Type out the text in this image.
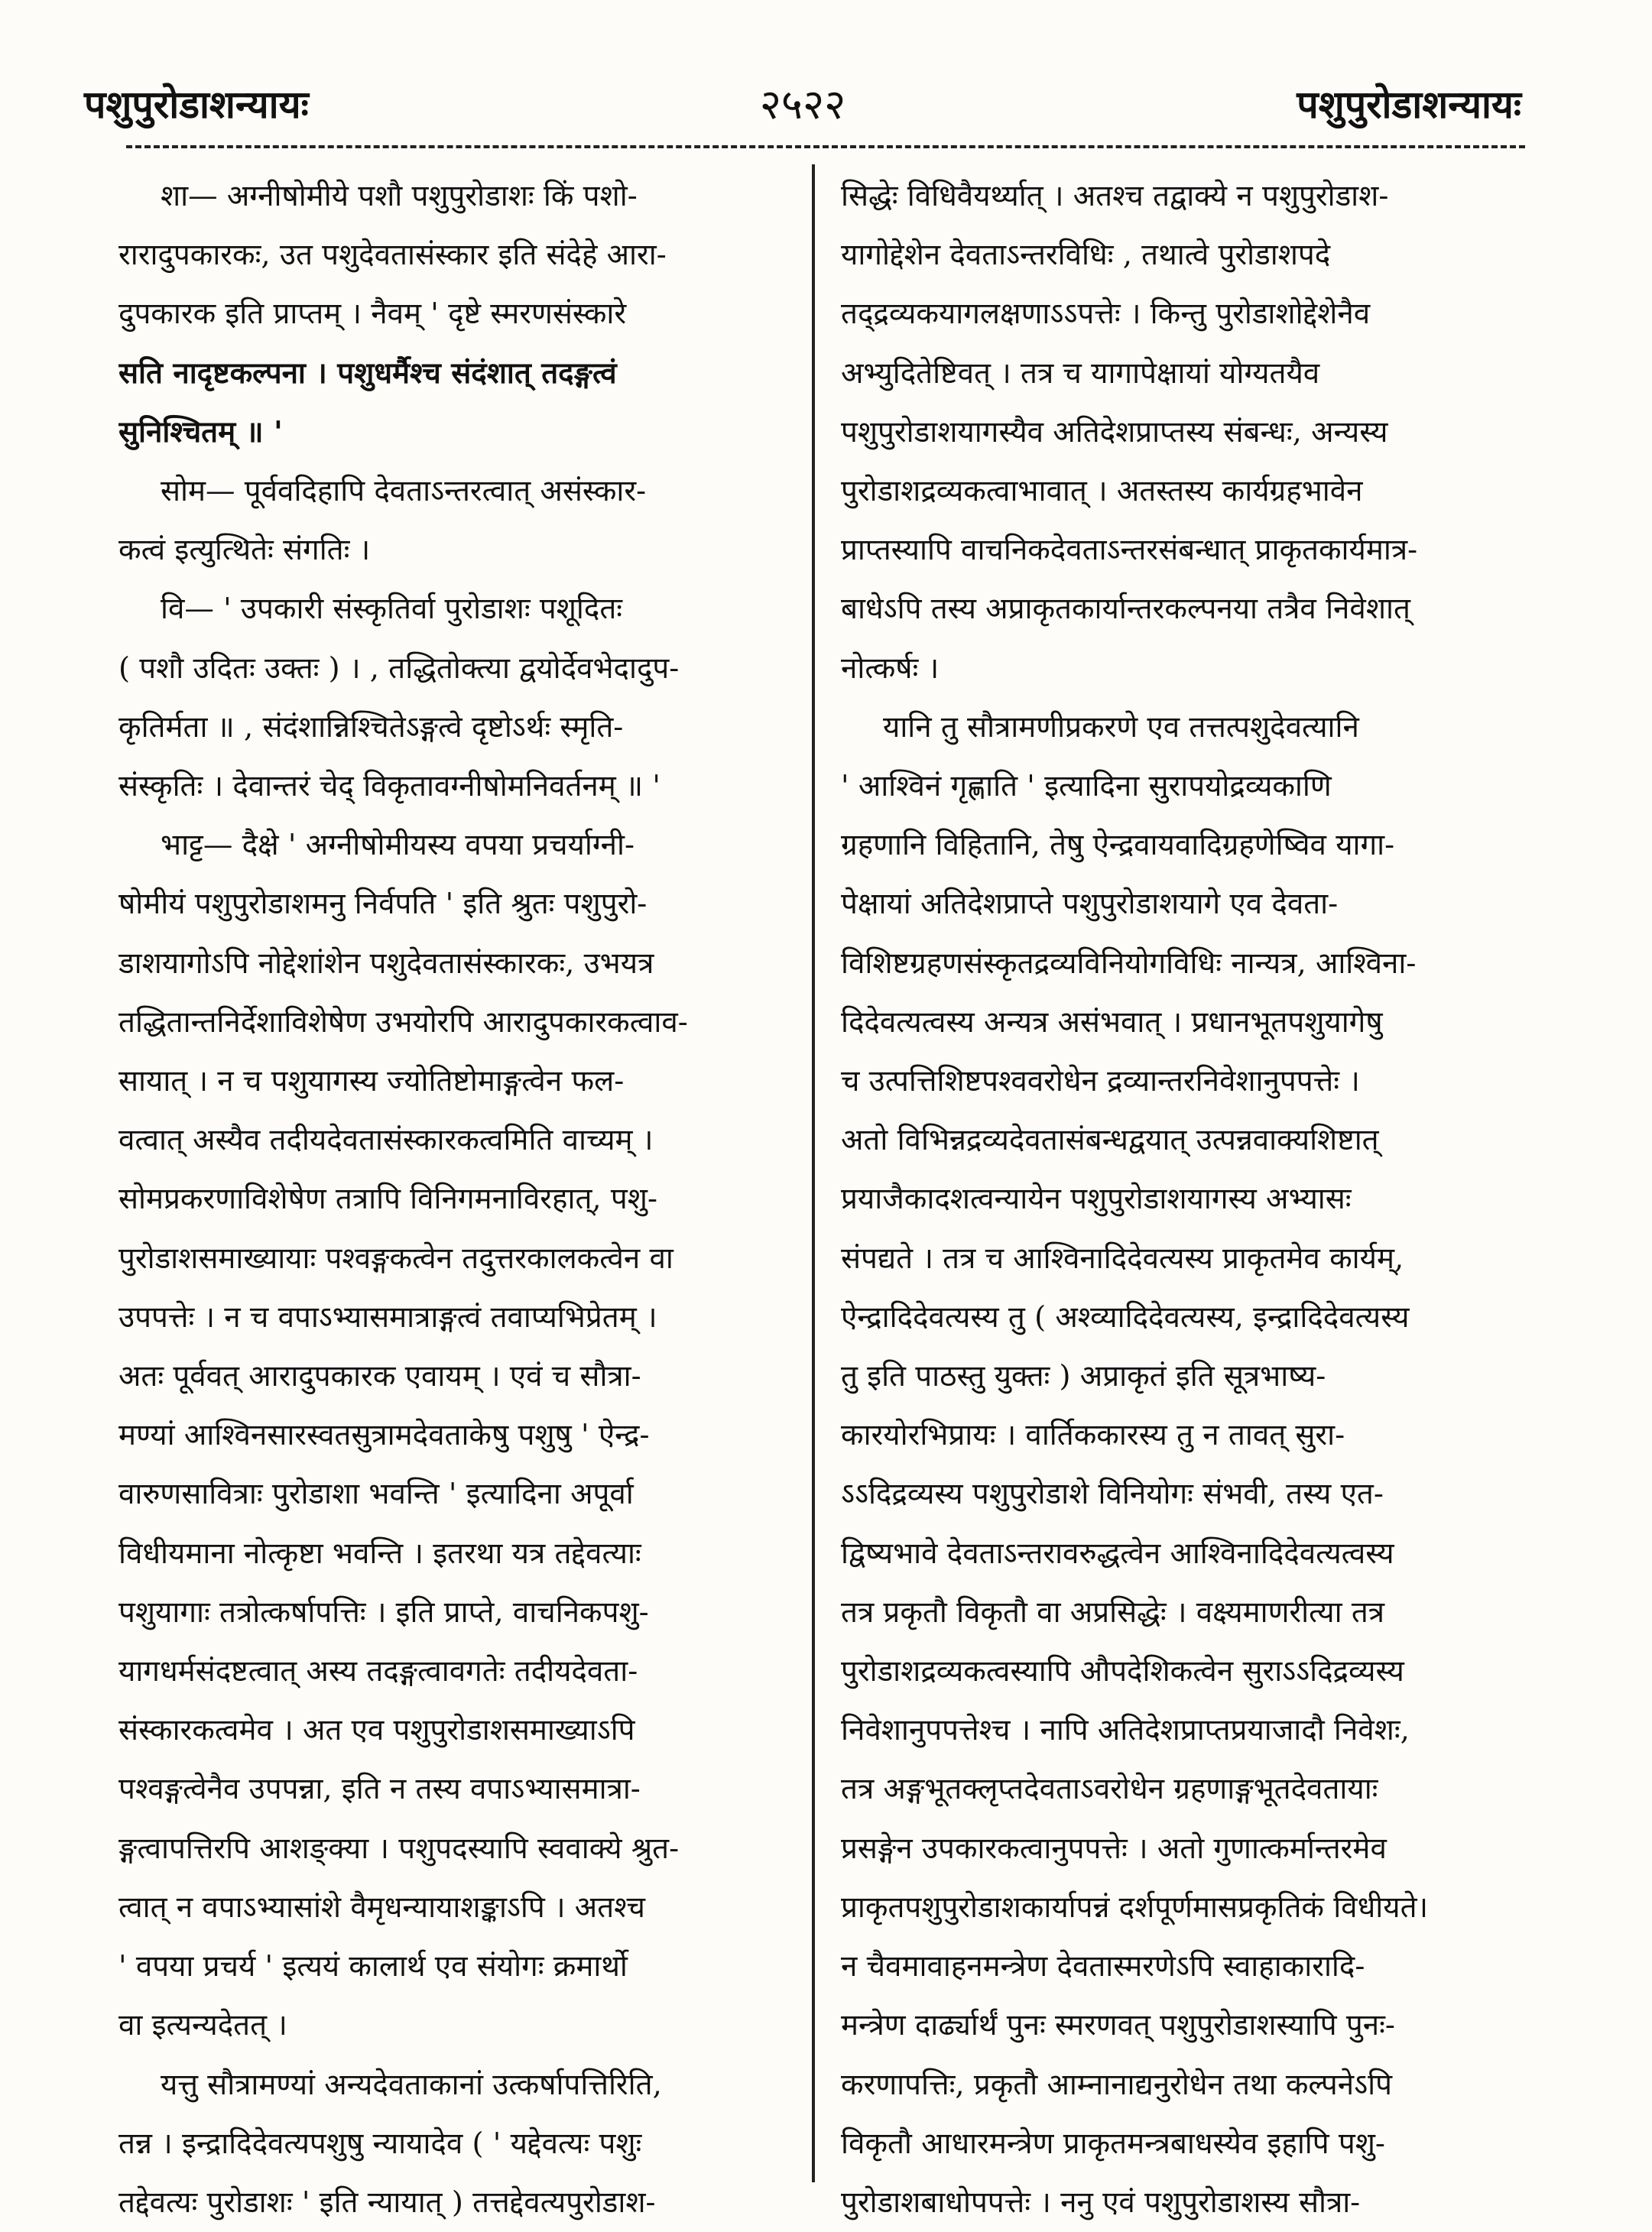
पशुपुरोडाशन्यायः	२५२२	पशुपुरोडाशन्यायः
शा— अग्नीषोमीये पशौ पशुपुरोडाशः किं पशो-
रारादुपकारकः, उत पशुदेवतासंस्कार इति संदेहे आरा-
दुपकारक इति प्राप्तम् । नैवम् ' दृष्टे स्मरणसंस्कारे
सति नादृष्टकल्पना । पशुधर्मैश्च संदंशात् तदङ्गत्वं
सुनिश्चितम् ॥ '
सोम— पूर्ववदिहापि देवताऽन्तरत्वात् असंस्कार-
कत्वं इत्युत्थितेः संगतिः ।
वि— ' उपकारी संस्कृतिर्वा पुरोडाशः पशूदितः
( पशौ उदितः उक्तः ) । , तद्धितोक्त्या द्वयोर्देवभेदादुप-
कृतिर्मता ॥ , संदंशान्निश्चितेऽङ्गत्वे दृष्टोऽर्थः स्मृति-
संस्कृतिः । देवान्तरं चेद् विकृतावग्नीषोमनिवर्तनम् ॥ '
भाट्ट— दैक्षे ' अग्नीषोमीयस्य वपया प्रचर्याग्नी-
षोमीयं पशुपुरोडाशमनु निर्वपति ' इति श्रुतः पशुपुरो-
डाशयागोऽपि नोद्देशांशेन पशुदेवतासंस्कारकः, उभयत्र
तद्धितान्तनिर्देशाविशेषेण उभयोरपि आरादुपकारकत्वाव-
सायात् । न च पशुयागस्य ज्योतिष्टोमाङ्गत्वेन फल-
वत्वात् अस्यैव तदीयदेवतासंस्कारकत्वमिति वाच्यम् ।
सोमप्रकरणाविशेषेण तत्रापि विनिगमनाविरहात्, पशु-
पुरोडाशसमाख्यायाः पश्वङ्गकत्वेन तदुत्तरकालकत्वेन वा
उपपत्तेः । न च वपाऽभ्यासमात्राङ्गत्वं तवाप्यभिप्रेतम् ।
अतः पूर्ववत् आरादुपकारक एवायम् । एवं च सौत्रा-
मण्यां आश्विनसारस्वतसुत्रामदेवताकेषु पशुषु ' ऐन्द्र-
वारुणसावित्राः पुरोडाशा भवन्ति ' इत्यादिना अपूर्वा
विधीयमाना नोत्कृष्टा भवन्ति । इतरथा यत्र तद्देवत्याः
पशुयागाः तत्रोत्कर्षापत्तिः । इति प्राप्ते, वाचनिकपशु-
यागधर्मसंदष्टत्वात् अस्य तदङ्गत्वावगतेः तदीयदेवता-
संस्कारकत्वमेव । अत एव पशुपुरोडाशसमाख्याऽपि
पश्वङ्गत्वेनैव उपपन्ना, इति न तस्य वपाऽभ्यासमात्रा-
ङ्गत्वापत्तिरपि आशङ्क्या । पशुपदस्यापि स्ववाक्ये श्रुत-
त्वात् न वपाऽभ्यासांशे वैमृधन्यायाशङ्काऽपि । अतश्च
' वपया प्रचर्य ' इत्ययं कालार्थ एव संयोगः क्रमार्थो
वा इत्यन्यदेतत् ।
यत्तु सौत्रामण्यां अन्यदेवताकानां उत्कर्षापत्तिरिति,
तन्न । इन्द्रादिदेवत्यपशुषु न्यायादेव ( ' यद्देवत्यः पशुः
तद्देवत्यः पुरोडाशः ' इति न्यायात् ) तत्तद्देवत्यपुरोडाश-
सिद्धेः विधिवैयर्थ्यात् । अतश्च तद्वाक्ये न पशुपुरोडाश-
यागोद्देशेन देवताऽन्तरविधिः , तथात्वे पुरोडाशपदे
तद्द्रव्यकयागलक्षणाऽऽपत्तेः । किन्तु पुरोडाशोद्देशेनैव
अभ्युदितेष्टिवत् । तत्र च यागापेक्षायां योग्यतयैव
पशुपुरोडाशयागस्यैव अतिदेशप्राप्तस्य संबन्धः, अन्यस्य
पुरोडाशद्रव्यकत्वाभावात् । अतस्तस्य कार्यग्रहभावेन
प्राप्तस्यापि वाचनिकदेवताऽन्तरसंबन्धात् प्राकृतकार्यमात्र-
बाधेऽपि तस्य अप्राकृतकार्यान्तरकल्पनया तत्रैव निवेशात्
नोत्कर्षः ।
यानि तु सौत्रामणीप्रकरणे एव तत्तत्पशुदेवत्यानि
' आश्विनं गृह्णाति ' इत्यादिना सुरापयोद्रव्यकाणि
ग्रहणानि विहितानि, तेषु ऐन्द्रवायवादिग्रहणेष्विव यागा-
पेक्षायां अतिदेशप्राप्ते पशुपुरोडाशयागे एव देवता-
विशिष्टग्रहणसंस्कृतद्रव्यविनियोगविधिः नान्यत्र, आश्विना-
दिदेवत्यत्वस्य अन्यत्र असंभवात् । प्रधानभूतपशुयागेषु
च उत्पत्तिशिष्टपश्ववरोधेन द्रव्यान्तरनिवेशानुपपत्तेः ।
अतो विभिन्नद्रव्यदेवतासंबन्धद्वयात् उत्पन्नवाक्यशिष्टात्
प्रयाजैकादशत्वन्यायेन पशुपुरोडाशयागस्य अभ्यासः
संपद्यते । तत्र च आश्विनादिदेवत्यस्य प्राकृतमेव कार्यम्,
ऐन्द्रादिदेवत्यस्य तु ( अश्व्यादिदेवत्यस्य, इन्द्रादिदेवत्यस्य
तु इति पाठस्तु युक्तः ) अप्राकृतं इति सूत्रभाष्य-
कारयोरभिप्रायः । वार्तिककारस्य तु न तावत् सुरा-
ऽऽदिद्रव्यस्य पशुपुरोडाशे विनियोगः संभवी, तस्य एत-
द्विष्यभावे देवताऽन्तरावरुद्धत्वेन आश्विनादिदेवत्यत्वस्य
तत्र प्रकृतौ विकृतौ वा अप्रसिद्धेः । वक्ष्यमाणरीत्या तत्र
पुरोडाशद्रव्यकत्वस्यापि औपदेशिकत्वेन सुराऽऽदिद्रव्यस्य
निवेशानुपपत्तेश्च । नापि अतिदेशप्राप्तप्रयाजादौ निवेशः,
तत्र अङ्गभूतक्लृप्तदेवताऽवरोधेन ग्रहणाङ्गभूतदेवतायाः
प्रसङ्गेन उपकारकत्वानुपपत्तेः । अतो गुणात्कर्मान्तरमेव
प्राकृतपशुपुरोडाशकार्यापन्नं दर्शपूर्णमासप्रकृतिकं विधीयते।
न चैवमावाहनमन्त्रेण देवतास्मरणेऽपि स्वाहाकारादि-
मन्त्रेण दार्ढ्यार्थं पुनः स्मरणवत् पशुपुरोडाशस्यापि पुनः-
करणापत्तिः, प्रकृतौ आम्नानाद्यनुरोधेन तथा कल्पनेऽपि
विकृतौ आधारमन्त्रेण प्राकृतमन्त्रबाधस्येव इहापि पशु-
पुरोडाशबाधोपपत्तेः । ननु एवं पशुपुरोडाशस्य सौत्रा-
